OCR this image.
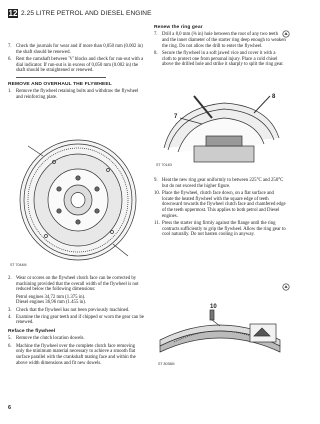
12 2.25 LITRE PETROL AND DIESEL ENGINE
7. Check the journals for wear and if more than 0,050 mm (0.002 in) the shaft should be renewed.
6. Rest the camshaft between 'V' blocks and check for run-out with a dial indicator. If run-out is in excess of 0,050 mm (0.002 in) the shaft should be straightened or renewed.

REMOVE AND OVERHAUL THE FLYWHEEL

1. Remove the flywheel retaining bolts and withdraw the flywheel and reinforcing plate.
ST 7044M
2. Wear or scores on the flywheel clutch face can be corrected by machining provided that the overall width of the flywheel is not reduced below the following dimensions:
Petrol engines 34,72 mm (1.375 in).
Diesel engines 36,96 mm (1.455 in).
3. Check that the flywheel has not been previously machined.
4. Examine the ring gear teeth and if chipped or worn the gear can be renewed.

Reface the flywheel

5. Remove the clutch location dowels.
6. Machine the flywheel over the complete clutch face removing only the minimum material necessary to achieve a smooth flat surface parallel with the crankshaft mating face and within the above width dimensions and fit new dowels.

Renew the ring gear

7. Drill a 8,0 mm (⅜ in) hole between the root of any two teeth and the inner diameter of the starter ring deep enough to weaken the ring. Do not allow the drill to enter the flywheel.
8. Secure the flywheel in a soft jawed vice and cover it with a cloth to protect one from personal injury. Place a cold chisel above the drilled hole and strike it sharply to split the ring gear.
8
7
ST 7014D
9. Heat the new ring gear uniformly to between 225°C and 250°C but do not exceed the higher figure.
10. Place the flywheel, clutch face down, on a flat surface and locate the heated flywheel with the square edge of teeth downward towards the flywheel clutch face and chamfered edge of the teeth uppermost. This applies to both petrol and Diesel engines.
11. Press the starter ring firmly against the flange until the ring contracts sufficiently to grip the flywheel. Allow the ring gear to cool naturally. Do not hasten cooling in anyway.
10
ST 8038M
6
